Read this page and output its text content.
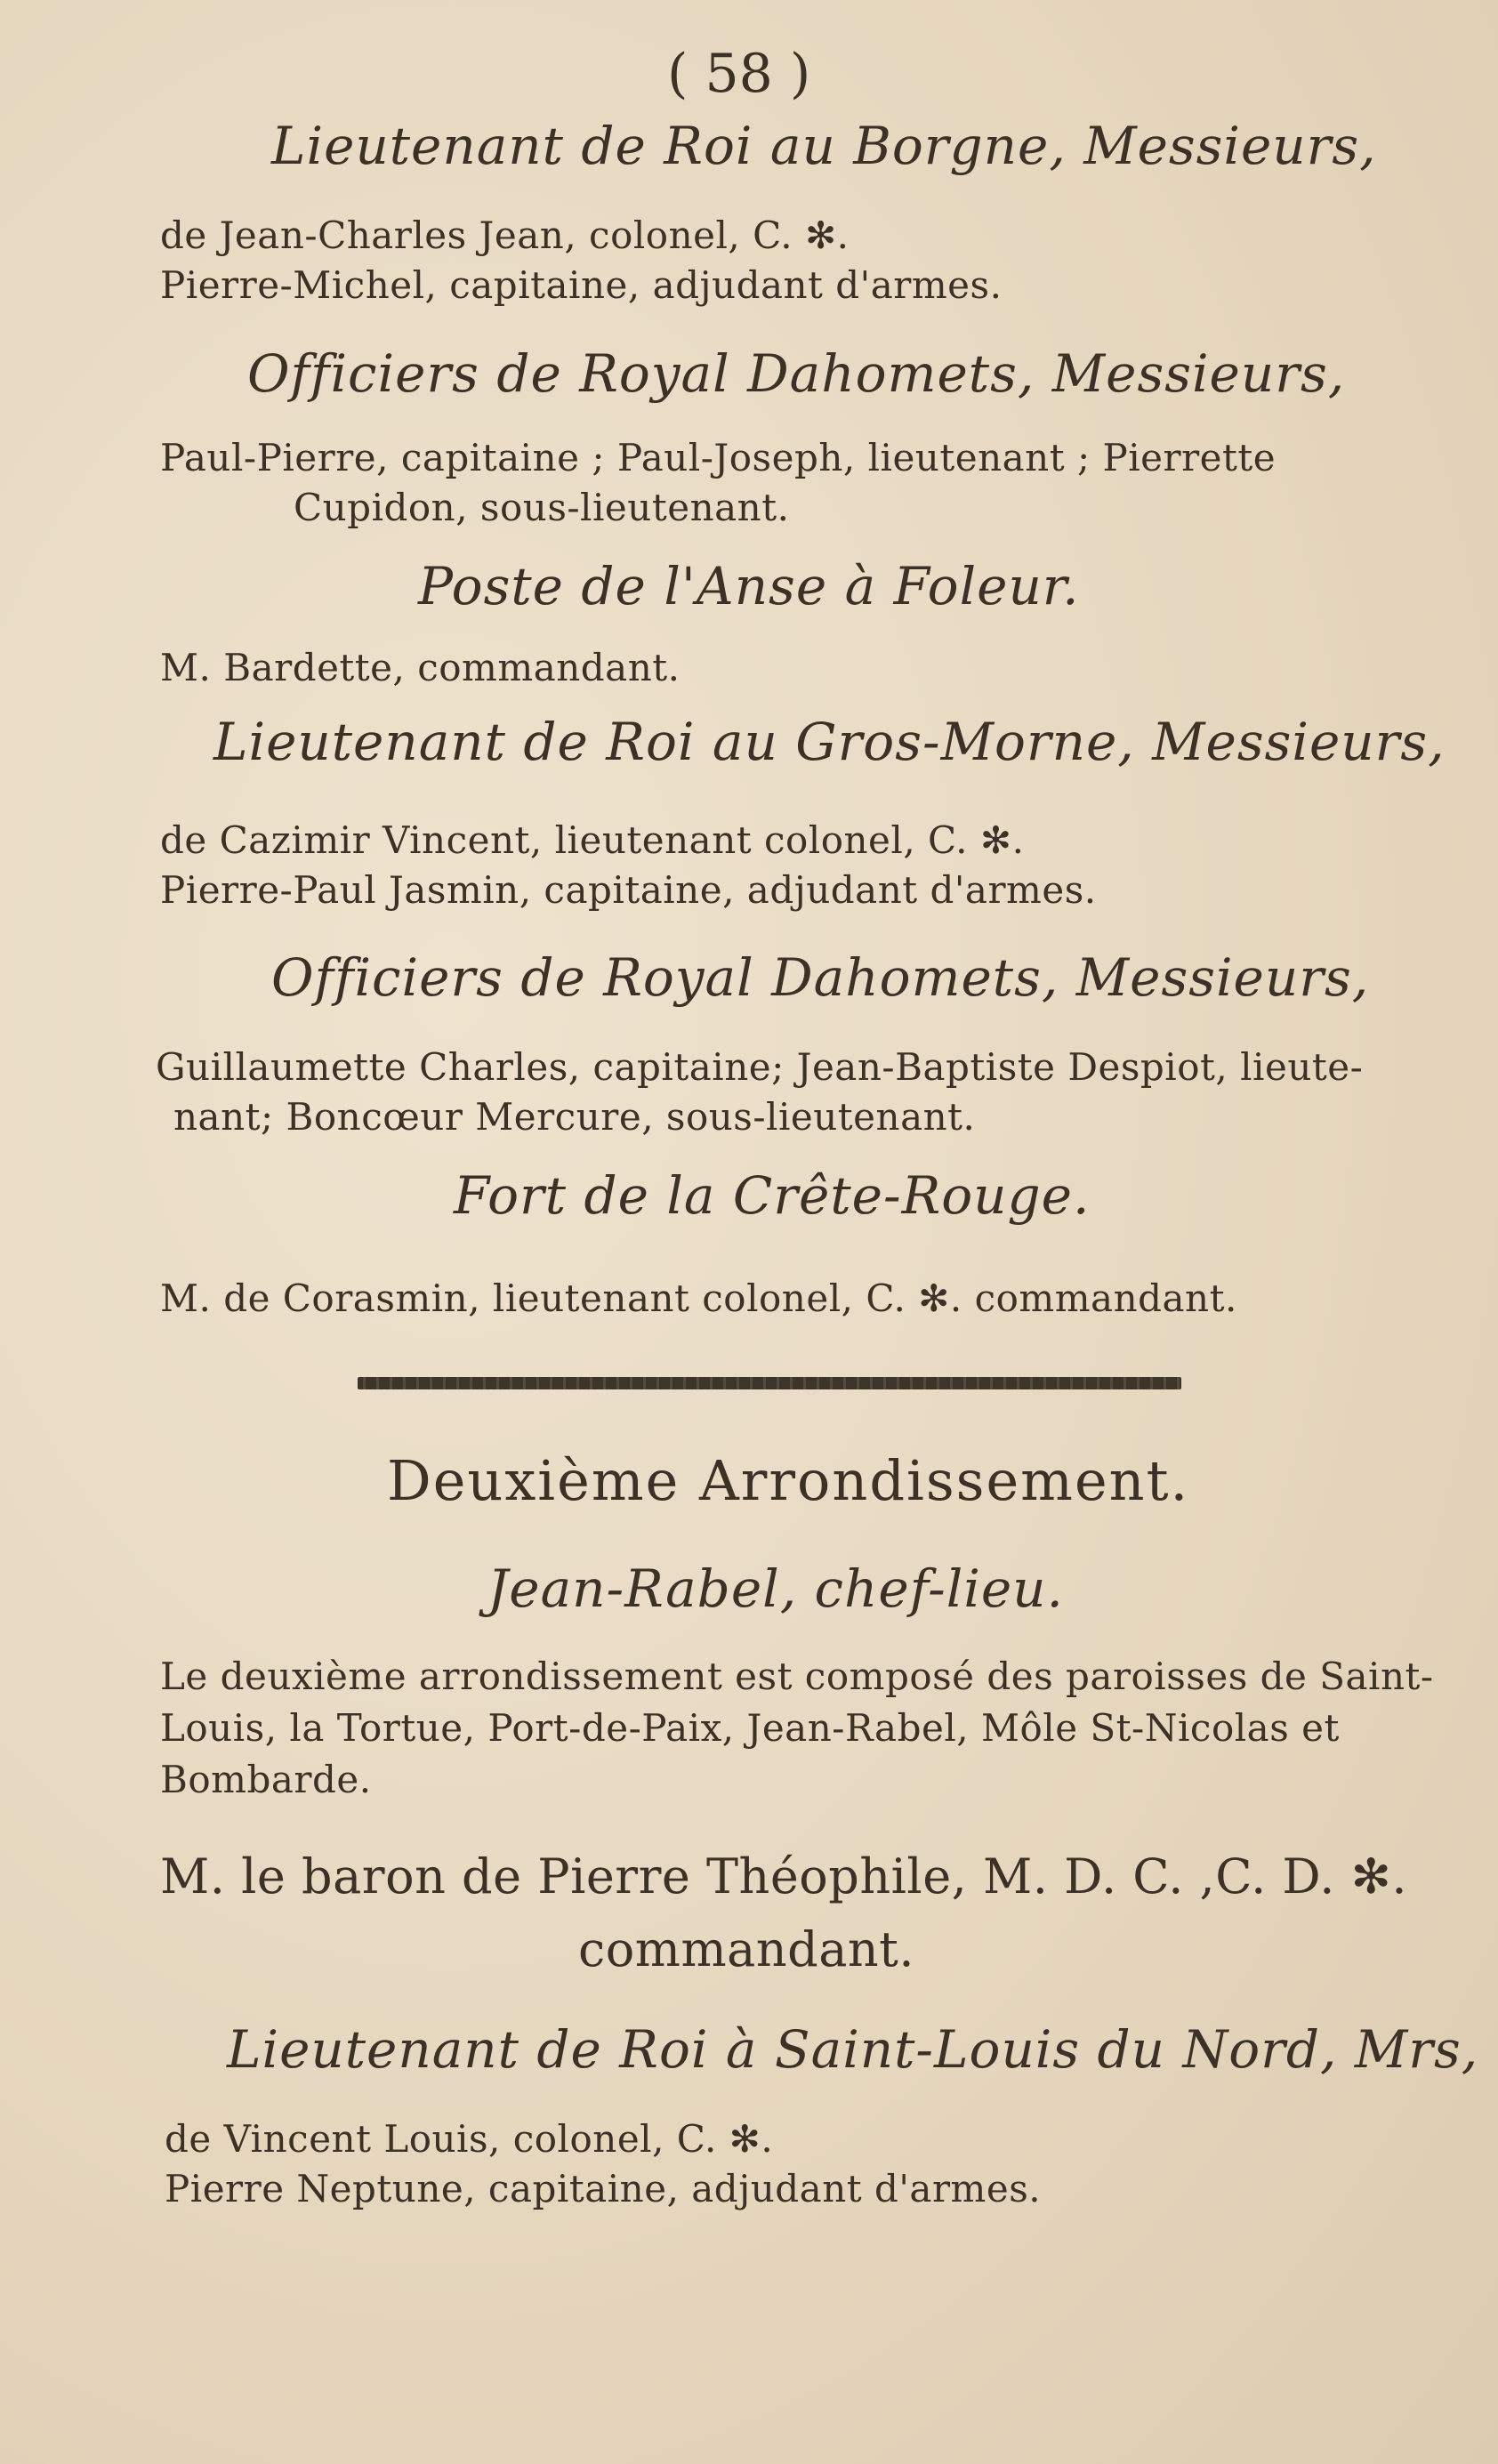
( 58 )
Lieutenant de Roi au Borgne, Messieurs,
de Jean-Charles Jean, colonel, C. ✻.
Pierre-Michel, capitaine, adjudant d'armes.
Officiers de Royal Dahomets, Messieurs,
Paul-Pierre, capitaine ; Paul-Joseph, lieutenant ; Pierrette
Cupidon, sous-lieutenant.
Poste de l'Anse à Foleur.
M. Bardette, commandant.
Lieutenant de Roi au Gros-Morne, Messieurs,
de Cazimir Vincent, lieutenant colonel, C. ✻.
Pierre-Paul Jasmin, capitaine, adjudant d'armes.
Officiers de Royal Dahomets, Messieurs,
Guillaumette Charles, capitaine; Jean-Baptiste Despiot, lieute-
nant; Boncœur Mercure, sous-lieutenant.
Fort de la Crête-Rouge.
M. de Corasmin, lieutenant colonel, C. ✻. commandant.
Deuxième Arrondissement.
Jean-Rabel, chef-lieu.
Le deuxième arrondissement est composé des paroisses de Saint-
Louis, la Tortue, Port-de-Paix, Jean-Rabel, Môle St-Nicolas et
Bombarde.
M. le baron de Pierre Théophile, M. D. C. ,C. D. ✻.
commandant.
Lieutenant de Roi à Saint-Louis du Nord, Mrs,
de Vincent Louis, colonel, C. ✻.
Pierre Neptune, capitaine, adjudant d'armes.
